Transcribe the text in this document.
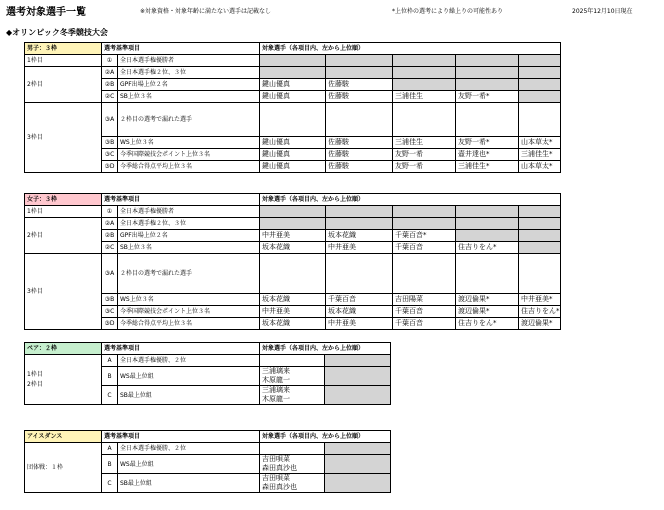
選考対象選手一覧	※対象資格・対象年齢に満たない選手は記載なし	*上位枠の選考により繰上りの可能性あり	2025年12月10日現在
◆オリンピック冬季競技大会
男子：３枠	選考基準項目		対象選手（各項目内、左から上位順）				
1枠目	①	全日本選手権優勝者					
2枠目	②A	全日本選手権２位、３位					
	②B	GPF出場上位２名	鍵山優真	佐藤駿			
	②C	SB上位３名	鍵山優真	佐藤駿	三浦佳生	友野一希*	
3枠目	③A	２枠目の選考で漏れた選手					
	③B	WS上位３名	鍵山優真	佐藤駿	三浦佳生	友野一希*	山本草太*
	③C	今季国際競技会ポイント上位３名	鍵山優真	佐藤駿	友野一希	壷井達也*	三浦佳生*
	③D	今季総合得点平均上位３名	鍵山優真	佐藤駿	友野一希	三浦佳生*	山本草太*
女子：３枠	選考基準項目		対象選手（各項目内、左から上位順）				
1枠目	①	全日本選手権優勝者					
2枠目	②A	全日本選手権２位、３位					
	②B	GPF出場上位２名	中井亜美	坂本花織	千葉百音*		
	②C	SB上位３名	坂本花織	中井亜美	千葉百音	住吉りをん*	
3枠目	③A	２枠目の選考で漏れた選手					
	③B	WS上位３名	坂本花織	千葉百音	吉田陽菜	渡辺倫果*	中井亜美*
	③C	今季国際競技会ポイント上位３名	中井亜美	坂本花織	千葉百音	渡辺倫果*	住吉りをん*
	③D	今季総合得点平均上位３名	坂本花織	中井亜美	千葉百音	住吉りをん*	渡辺倫果*
ペア：２枠	選考基準項目		対象選手（各項目内、左から上位順）	

1枠目
2枠目	A	全日本選手権優勝、２位		
	B	WS最上位組	三浦璃来
木原龍一	

	C	SB最上位組	三浦璃来
木原龍一	

アイスダンス	選考基準項目		対象選手（各項目内、左から上位順）	
団体戦：１枠	A	全日本選手権優勝、２位		
	B	WS最上位組	吉田唄菜
森田真沙也	

	C	SB最上位組	吉田唄菜
森田真沙也	
